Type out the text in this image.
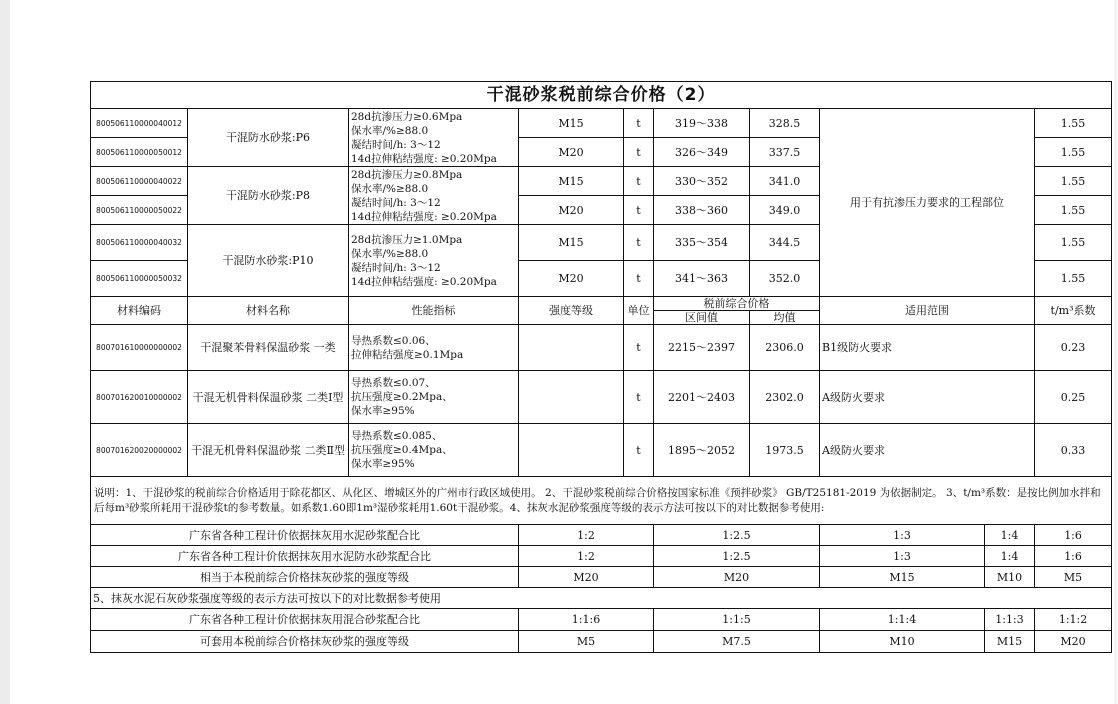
干混砂浆税前综合价格（2）									
800506110000040012	干混防水砂浆:P6	28d抗渗压力≥0.6Mpa
保水率/%≥88.0
凝结时间/h: 3～12
14d拉伸粘结强度: ≥0.20Mpa	M15	t	319～338	328.5	用于有抗渗压力要求的工程部位		1.55
800506110000050012			M20	t	326～349	337.5			1.55
800506110000040022	干混防水砂浆:P8	28d抗渗压力≥0.8Mpa
保水率/%≥88.0
凝结时间/h: 3～12
14d拉伸粘结强度: ≥0.20Mpa	M15	t	330～352	341.0			1.55
800506110000050022			M20	t	338～360	349.0			1.55
800506110000040032	干混防水砂浆:P10	28d抗渗压力≥1.0Mpa
保水率/%≥88.0
凝结时间/h: 3～12
14d拉伸粘结强度: ≥0.20Mpa	M15	t	335～354	344.5			1.55
800506110000050032			M20	t	341～363	352.0			1.55
材料编码	材料名称	性能指标	强度等级	单位	税前综合价格		适用范围		t/m³系数
					区间值	均值			
800701610000000002	干混聚苯骨料保温砂浆 一类	导热系数≤0.06、
拉伸粘结强度≥0.1Mpa		t	2215～2397	2306.0	B1级防火要求		0.23
800701620010000002	干混无机骨料保温砂浆 二类Ⅰ型	导热系数≤0.07、
抗压强度≥0.2Mpa、
保水率≥95%		t	2201～2403	2302.0	A级防火要求		0.25
800701620020000002	干混无机骨料保温砂浆 二类Ⅱ型	导热系数≤0.085、
抗压强度≥0.4Mpa、
保水率≥95%		t	1895～2052	1973.5	A级防火要求		0.33
说明：1、干混砂浆的税前综合价格适用于除花都区、从化区、增城区外的广州市行政区域使用。 2、干混砂浆税前综合价格按国家标准《预拌砂浆》 GB/T25181-2019 为依据制定。 3、t/m³系数：是按比例加水拌和后每m³砂浆所耗用干混砂浆t的参考数量。如系数1.60即1m³湿砂浆耗用1.60t干混砂浆。4、抹灰水泥砂浆强度等级的表示方法可按以下的对比数据参考使用:									
广东省各种工程计价依据抹灰用水泥砂浆配合比			1:2		1:2.5		1:3	1:4	1:6
广东省各种工程计价依据抹灰用水泥防水砂浆配合比			1:2		1:2.5		1:3	1:4	1:6
相当于本税前综合价格抹灰砂浆的强度等级			M20		M20		M15	M10	M5
5、抹灰水泥石灰砂浆强度等级的表示方法可按以下的对比数据参考使用									
广东省各种工程计价依据抹灰用混合砂浆配合比			1:1:6		1:1:5		1:1:4	1:1:3	1:1:2
可套用本税前综合价格抹灰砂浆的强度等级			M5		M7.5		M10	M15	M20
